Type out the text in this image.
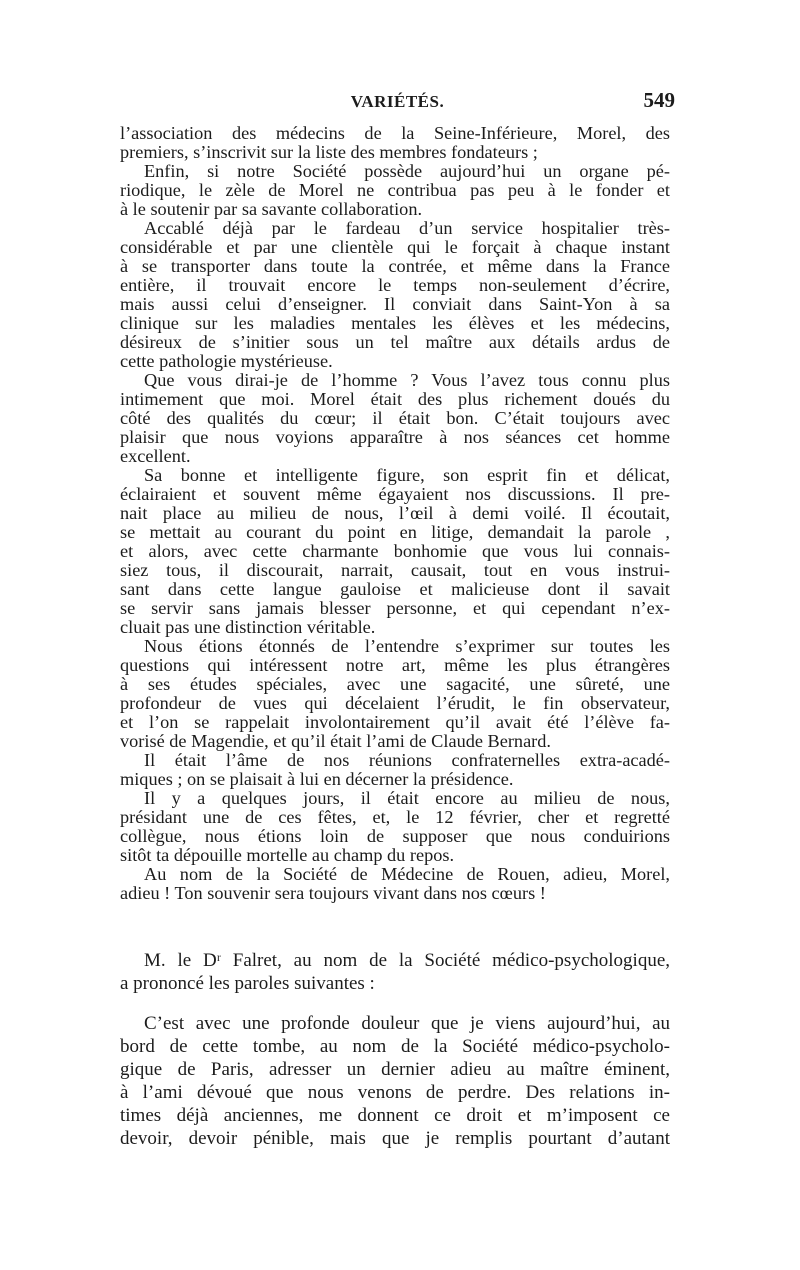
VARIÉTÉS.	549
l’association des médecins de la Seine-Inférieure, Morel, des
premiers, s’inscrivit sur la liste des membres fondateurs ;
Enfin, si notre Société possède aujourd’hui un organe pé-
riodique, le zèle de Morel ne contribua pas peu à le fonder et
à le soutenir par sa savante collaboration.
Accablé déjà par le fardeau d’un service hospitalier très-
considérable et par une clientèle qui le forçait à chaque instant
à se transporter dans toute la contrée, et même dans la France
entière, il trouvait encore le temps non-seulement d’écrire,
mais aussi celui d’enseigner. Il conviait dans Saint-Yon à sa
clinique sur les maladies mentales les élèves et les médecins,
désireux de s’initier sous un tel maître aux détails ardus de
cette pathologie mystérieuse.
Que vous dirai-je de l’homme ? Vous l’avez tous connu plus
intimement que moi. Morel était des plus richement doués du
côté des qualités du cœur; il était bon. C’était toujours avec
plaisir que nous voyions apparaître à nos séances cet homme
excellent.
Sa bonne et intelligente figure, son esprit fin et délicat,
éclairaient et souvent même égayaient nos discussions. Il pre-
nait place au milieu de nous, l’œil à demi voilé. Il écoutait,
se mettait au courant du point en litige, demandait la parole ,
et alors, avec cette charmante bonhomie que vous lui connais-
siez tous, il discourait, narrait, causait, tout en vous instrui-
sant dans cette langue gauloise et malicieuse dont il savait
se servir sans jamais blesser personne, et qui cependant n’ex-
cluait pas une distinction véritable.
Nous étions étonnés de l’entendre s’exprimer sur toutes les
questions qui intéressent notre art, même les plus étrangères
à ses études spéciales, avec une sagacité, une sûreté, une
profondeur de vues qui décelaient l’érudit, le fin observateur,
et l’on se rappelait involontairement qu’il avait été l’élève fa-
vorisé de Magendie, et qu’il était l’ami de Claude Bernard.
Il était l’âme de nos réunions confraternelles extra-acadé-
miques ; on se plaisait à lui en décerner la présidence.
Il y a quelques jours, il était encore au milieu de nous,
présidant une de ces fêtes, et, le 12 février, cher et regretté
collègue, nous étions loin de supposer que nous conduirions
sitôt ta dépouille mortelle au champ du repos.
Au nom de la Société de Médecine de Rouen, adieu, Morel,
adieu ! Ton souvenir sera toujours vivant dans nos cœurs !
M. le Dʳ Falret, au nom de la Société médico-psychologique,
a prononcé les paroles suivantes :
C’est avec une profonde douleur que je viens aujourd’hui, au
bord de cette tombe, au nom de la Société médico-psycholo-
gique de Paris, adresser un dernier adieu au maître éminent,
à l’ami dévoué que nous venons de perdre. Des relations in-
times déjà anciennes, me donnent ce droit et m’imposent ce
devoir, devoir pénible, mais que je remplis pourtant d’autant
